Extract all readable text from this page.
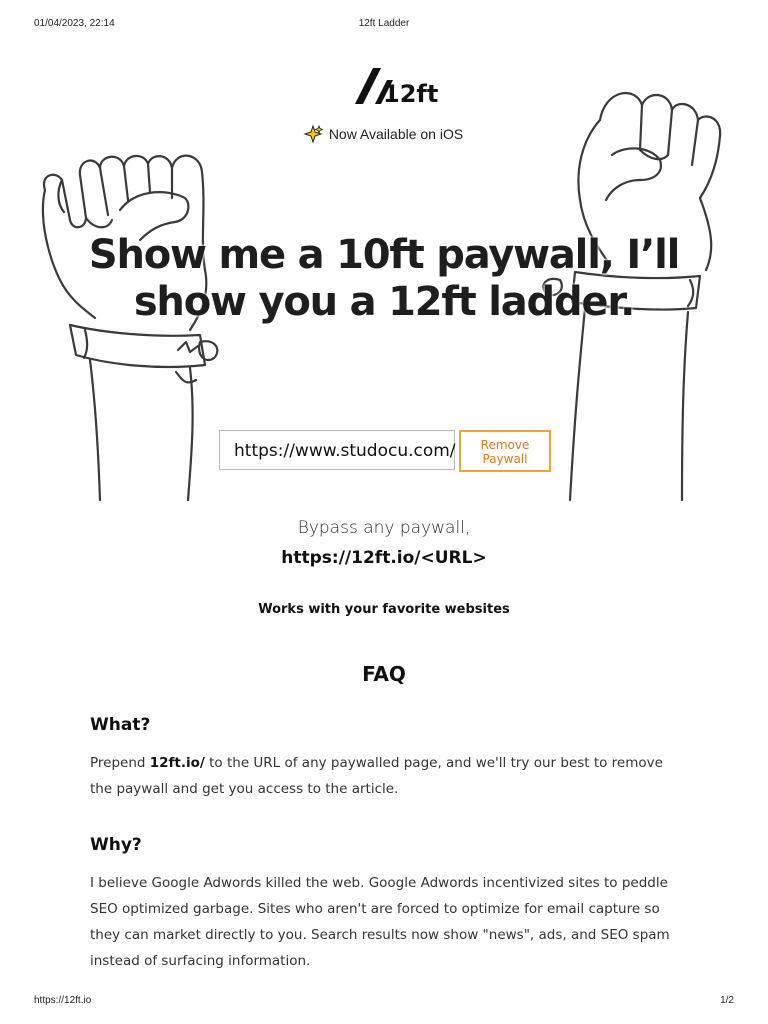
01/04/2023, 22:14	12ft Ladder
12ft
Now Available on iOS
Show me a 10ft paywall, I’ll
show you a 12ft ladder.
https://www.studocu.com/	Remove
Paywall
Bypass any paywall,
https://12ft.io/<URL>
Works with your favorite websites
FAQ
What?
Prepend 12ft.io/ to the URL of any paywalled page, and we'll try our best to remove the paywall and get you access to the article.
Why?
I believe Google Adwords killed the web. Google Adwords incentivized sites to peddle SEO optimized garbage. Sites who aren't are forced to optimize for email capture so they can market directly to you. Search results now show "news", ads, and SEO spam instead of surfacing information.
https://12ft.io	1/2
